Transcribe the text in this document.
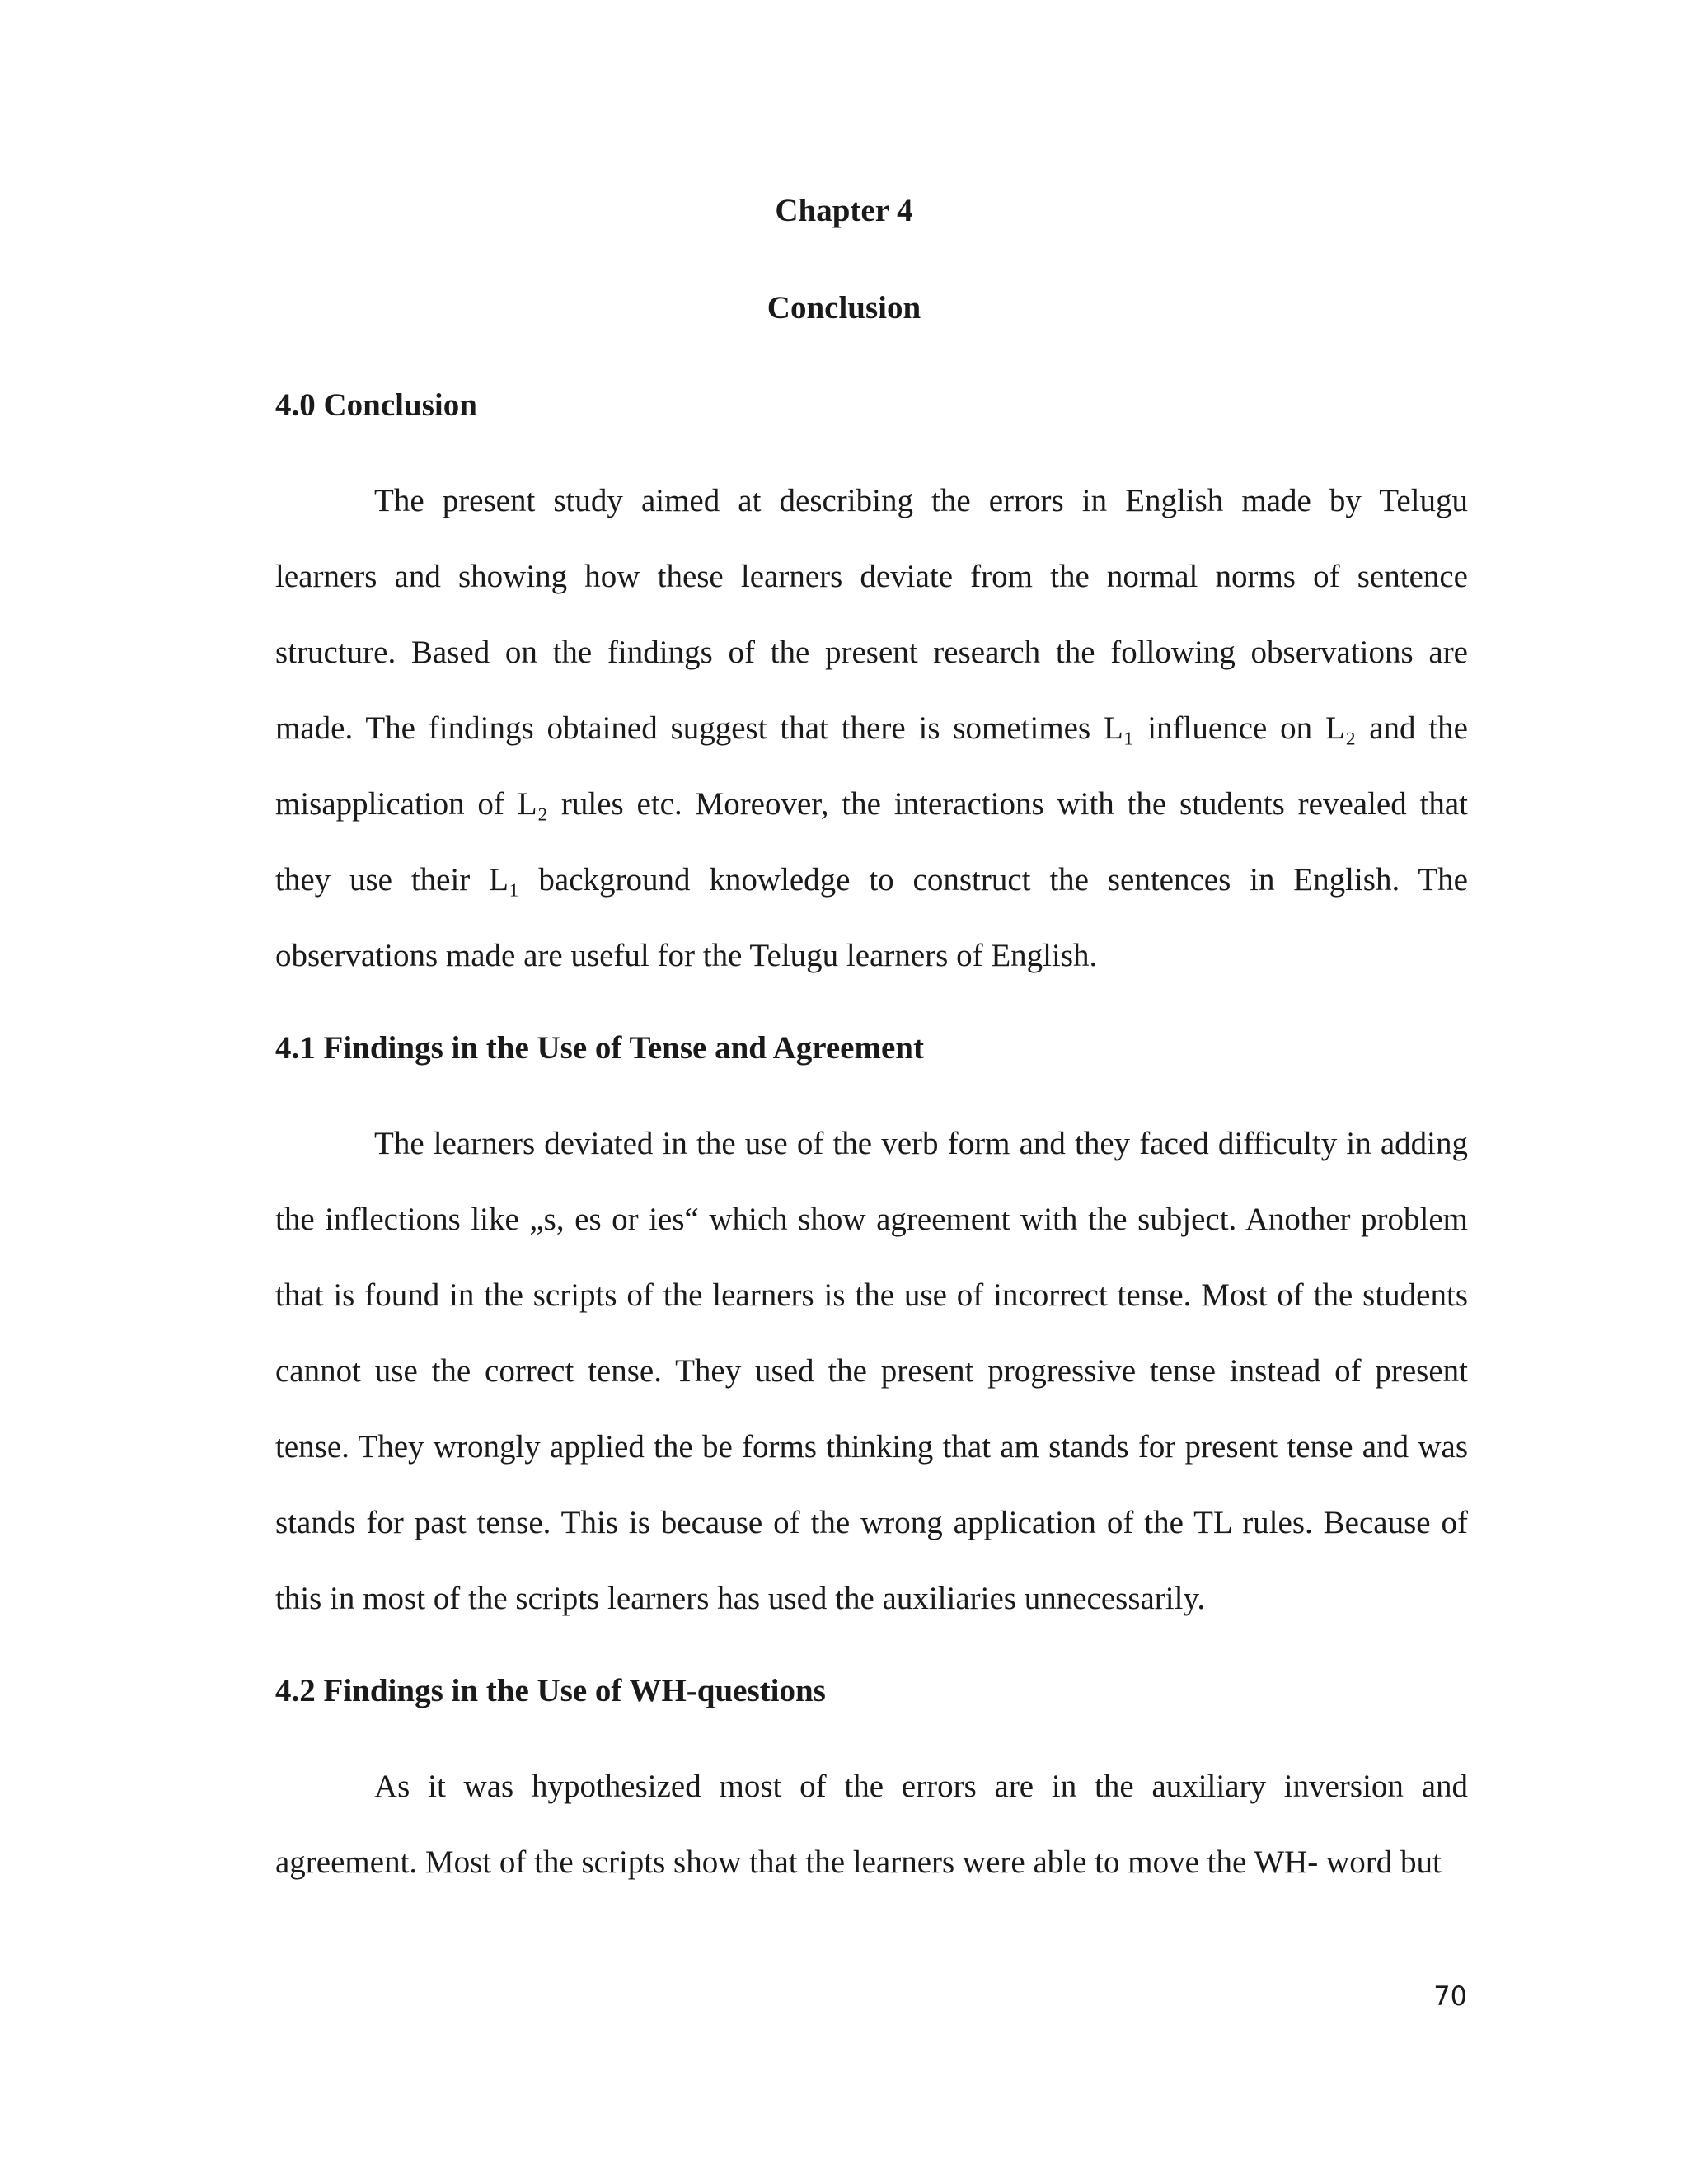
Chapter 4
Conclusion
4.0 Conclusion
The present study aimed at describing the errors in English made by Telugu
learners and showing how these learners deviate from the normal norms of sentence
structure. Based on the findings of the present research the following observations are
made. The findings obtained suggest that there is sometimes L₁ influence on L₂ and the
misapplication of L₂ rules etc. Moreover, the interactions with the students revealed that
they use their L₁ background knowledge to construct the sentences in English. The
observations made are useful for the Telugu learners of English.
4.1 Findings in the Use of Tense and Agreement
The learners deviated in the use of the verb form and they faced difficulty in adding
the inflections like „s, es or ies“ which show agreement with the subject. Another problem
that is found in the scripts of the learners is the use of incorrect tense. Most of the students
cannot use the correct tense. They used the present progressive tense instead of present
tense. They wrongly applied the be forms thinking that am stands for present tense and was
stands for past tense. This is because of the wrong application of the TL rules. Because of
this in most of the scripts learners has used the auxiliaries unnecessarily.
4.2 Findings in the Use of WH-questions
As it was hypothesized most of the errors are in the auxiliary inversion and
agreement. Most of the scripts show that the learners were able to move the WH- word but
70
